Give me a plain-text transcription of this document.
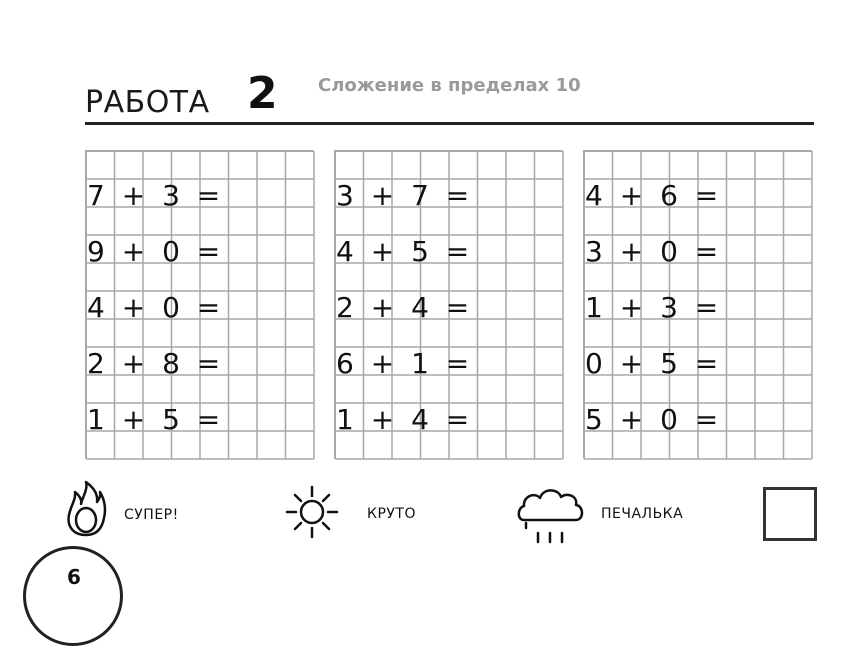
РАБОТА 2 Сложение в пределах 10
7 + 3 =
9 + 0 =
4 + 0 =
2 + 8 =
1 + 5 =
3 + 7 =
4 + 5 =
2 + 4 =
6 + 1 =
1 + 4 =
4 + 6 =
3 + 0 =
1 + 3 =
0 + 5 =
5 + 0 =
СУПЕР!	КРУТО	ПЕЧАЛЬКА
6
